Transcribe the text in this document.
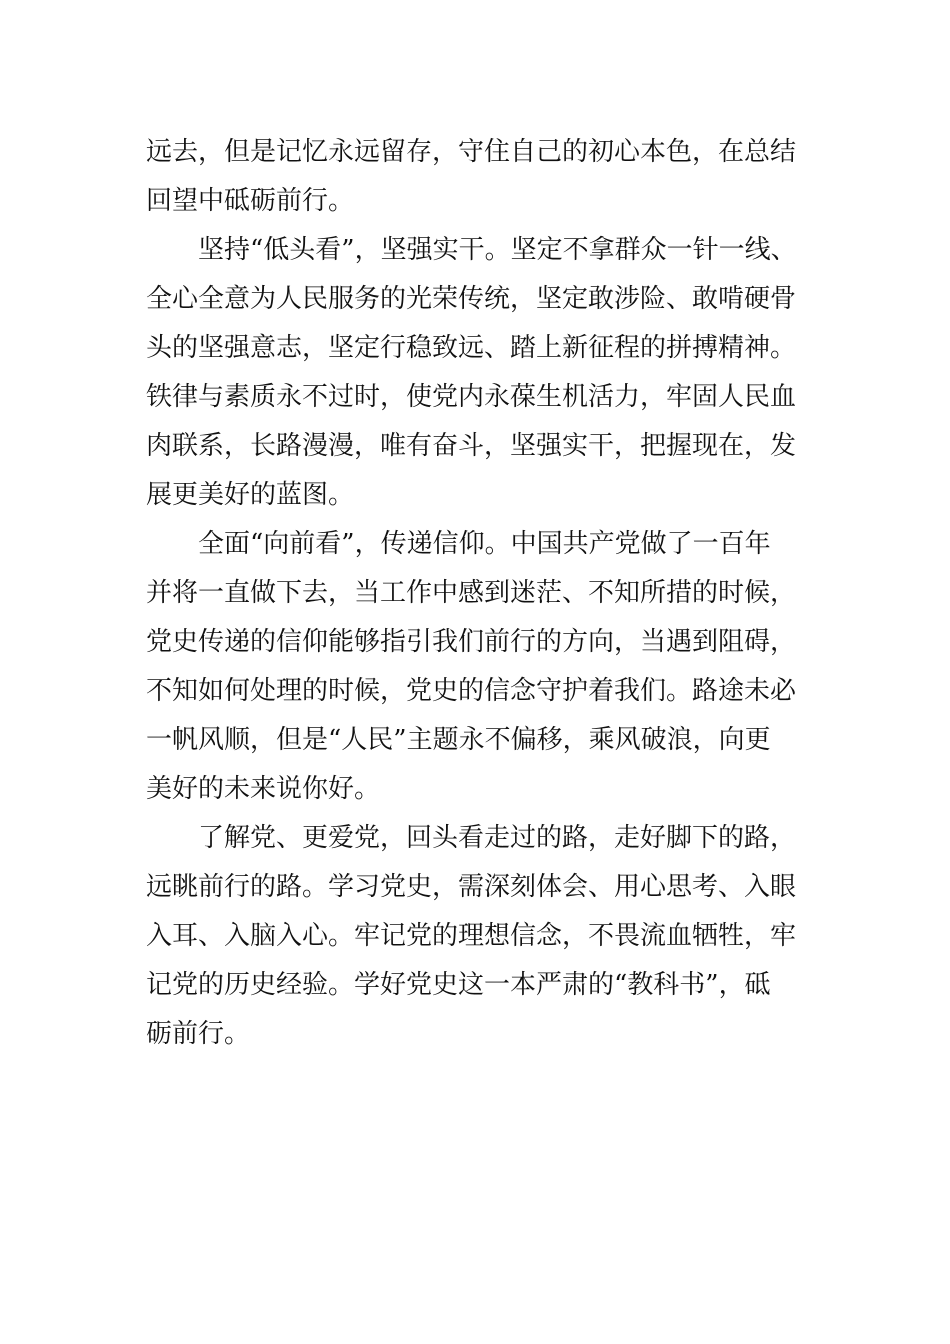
远去，但是记忆永远留存，守住自己的初心本色，在总结
回望中砥砺前行。
坚持“低头看”，坚强实干。坚定不拿群众一针一线、
全心全意为人民服务的光荣传统，坚定敢涉险、敢啃硬骨
头的坚强意志，坚定行稳致远、踏上新征程的拼搏精神。
铁律与素质永不过时，使党内永葆生机活力，牢固人民血
肉联系，长路漫漫，唯有奋斗，坚强实干，把握现在，发
展更美好的蓝图。
全面“向前看”，传递信仰。中国共产党做了一百年
并将一直做下去，当工作中感到迷茫、不知所措的时候，
党史传递的信仰能够指引我们前行的方向，当遇到阻碍，
不知如何处理的时候，党史的信念守护着我们。路途未必
一帆风顺，但是“人民”主题永不偏移，乘风破浪，向更
美好的未来说你好。
了解党、更爱党，回头看走过的路，走好脚下的路，
远眺前行的路。学习党史，需深刻体会、用心思考、入眼
入耳、入脑入心。牢记党的理想信念，不畏流血牺牲，牢
记党的历史经验。学好党史这一本严肃的“教科书”，砥
砺前行。
